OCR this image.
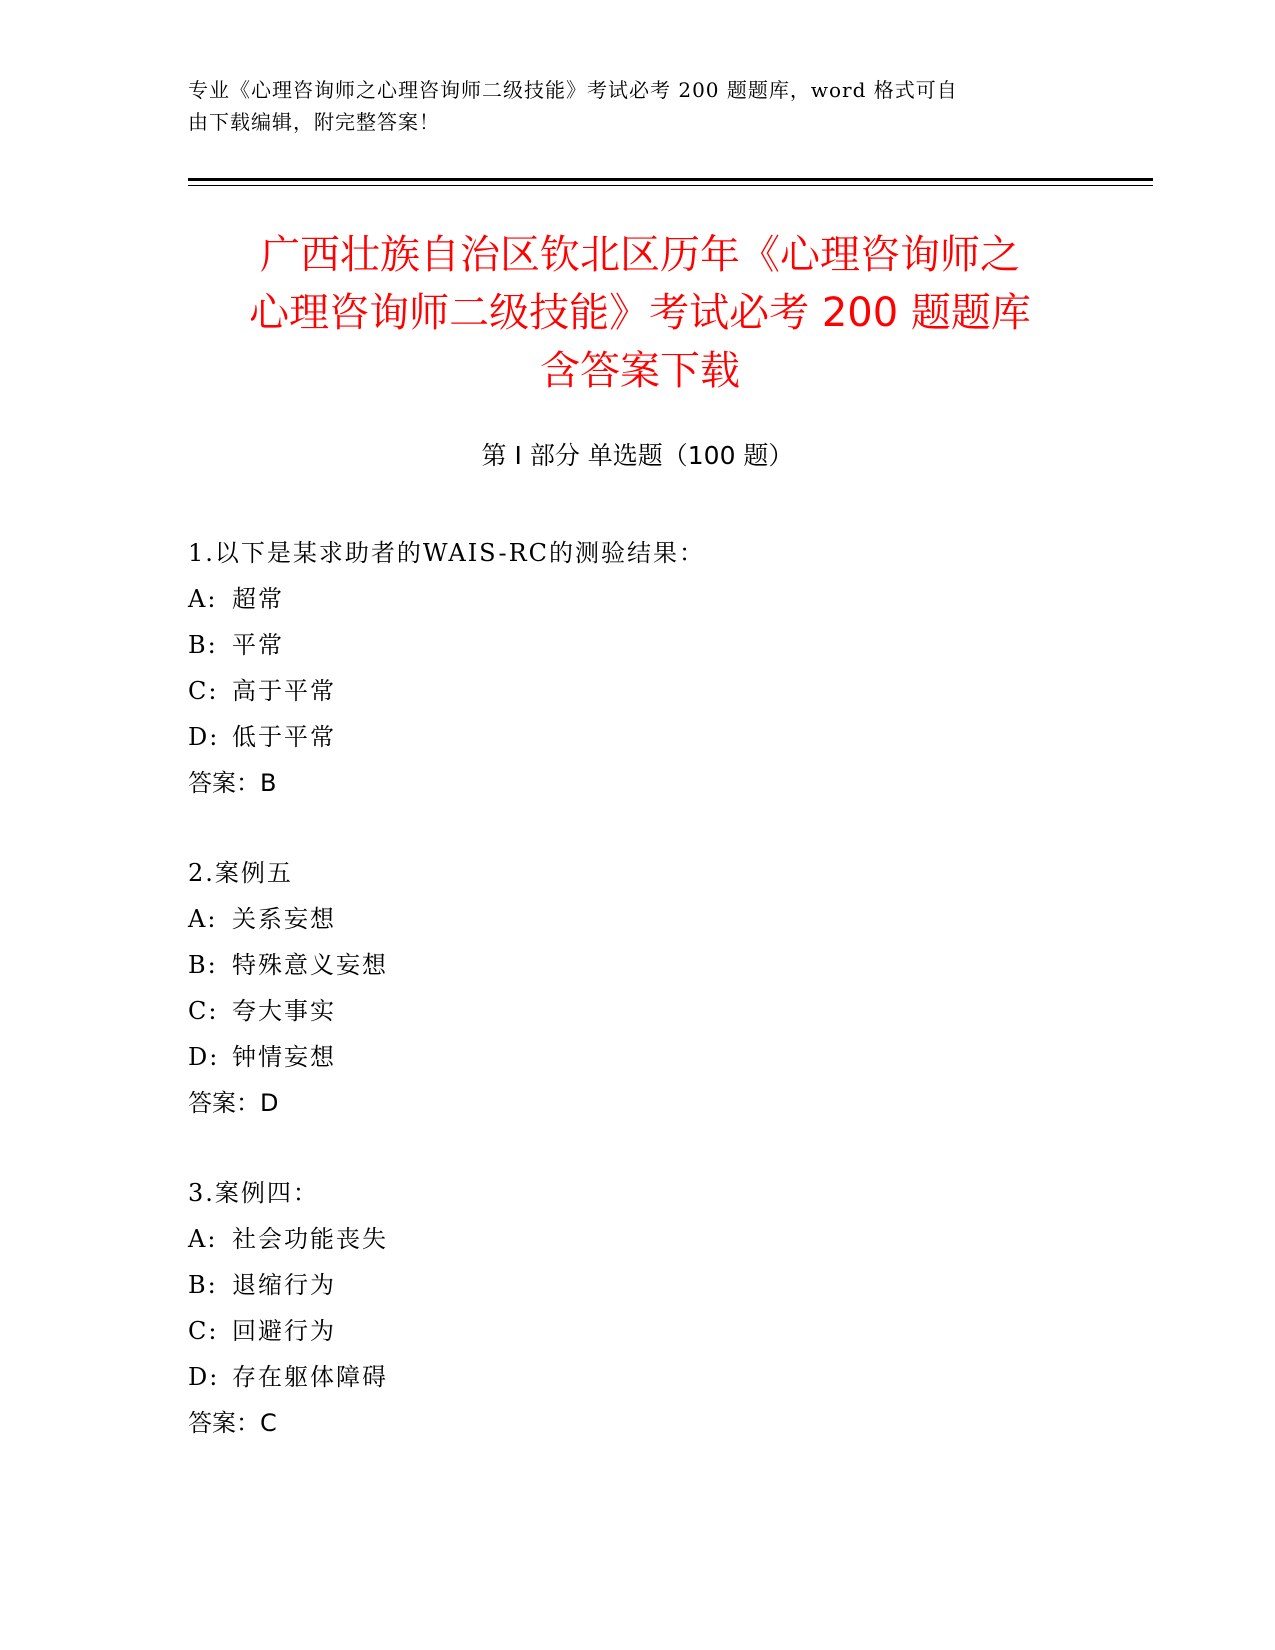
专业《心理咨询师之心理咨询师二级技能》考试必考 200 题题库，word 格式可自
由下载编辑，附完整答案！
广西壮族自治区钦北区历年《心理咨询师之
心理咨询师二级技能》考试必考 200 题题库
含答案下载
第 I 部分 单选题（100 题）
1.以下是某求助者的WAIS-RC的测验结果：
A: 超常
B: 平常
C: 高于平常
D: 低于平常
答案：B
2.案例五
A: 关系妄想
B: 特殊意义妄想
C: 夸大事实
D: 钟情妄想
答案：D
3.案例四：
A: 社会功能丧失
B: 退缩行为
C: 回避行为
D: 存在躯体障碍
答案：C
